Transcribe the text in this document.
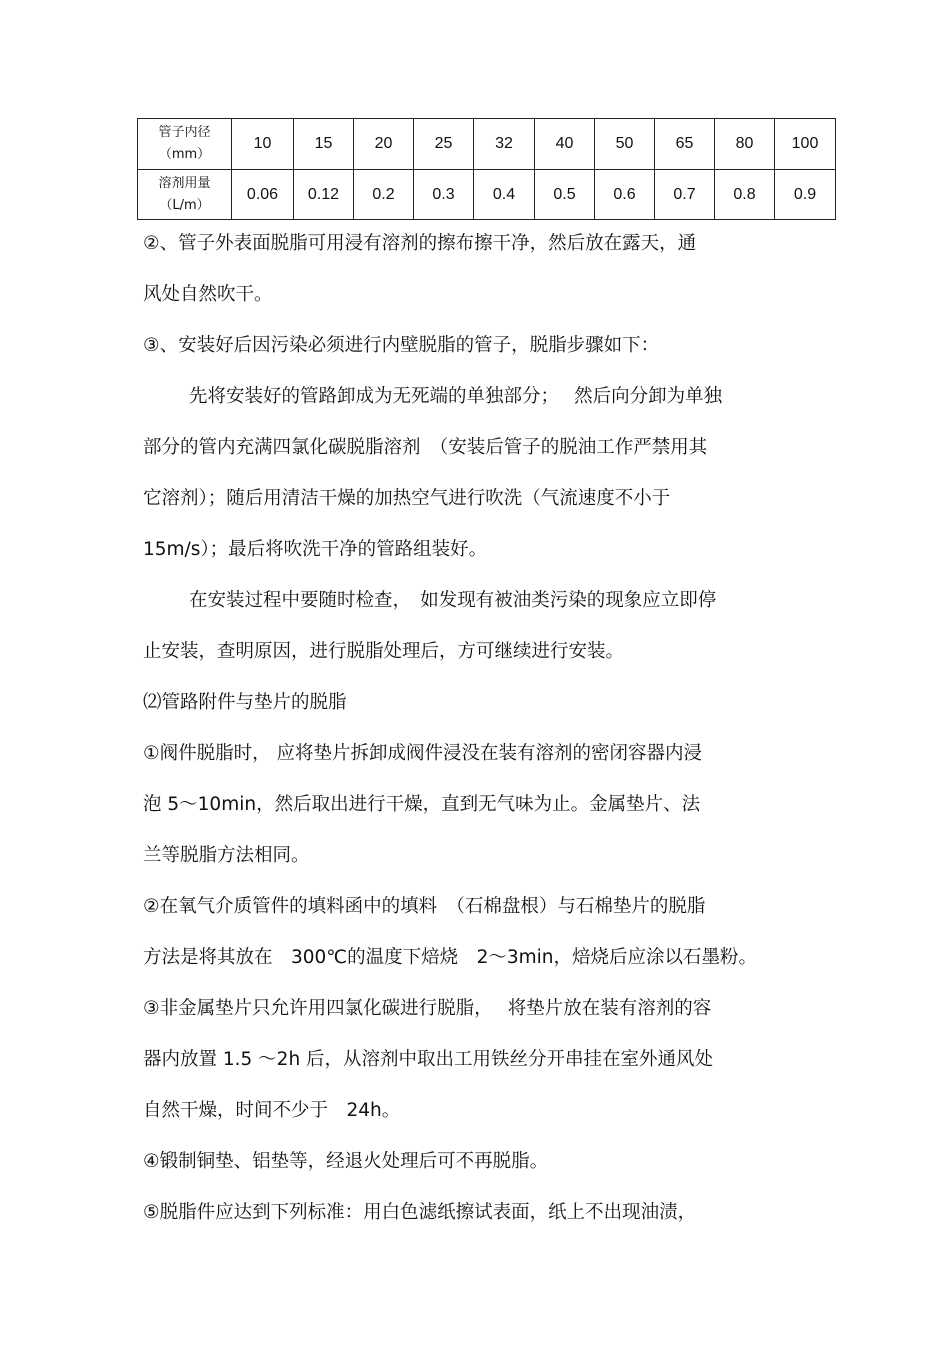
管子内径
（mm）	10	15	20	25	32	40	50	65	80	100

溶剂用量
（L/m）	0.06	0.12	0.2	0.3	0.4	0.5	0.6	0.7	0.8	0.9
②、管子外表面脱脂可用浸有溶剂的擦布擦干净，然后放在露天，通
风处自然吹干。
③、安装好后因污染必须进行内壁脱脂的管子，脱脂步骤如下：
先将安装好的管路卸成为无死端的单独部分；　 然后向分卸为单独
部分的管内充满四氯化碳脱脂溶剂　（安装后管子的脱油工作严禁用其
它溶剂）；随后用清洁干燥的加热空气进行吹洗（气流速度不小于
15m/s）；最后将吹洗干净的管路组装好。
在安装过程中要随时检查，　如发现有被油类污染的现象应立即停
止安装，查明原因，进行脱脂处理后，方可继续进行安装。
⑵管路附件与垫片的脱脂
①阀件脱脂时， 应将垫片拆卸成阀件浸没在装有溶剂的密闭容器内浸
泡 5～10min，然后取出进行干燥，直到无气味为止。金属垫片、法
兰等脱脂方法相同。
②在氧气介质管件的填料函中的填料　（石棉盘根）与石棉垫片的脱脂
方法是将其放在　300℃的温度下焙烧　2～3min，焙烧后应涂以石墨粉。
③非金属垫片只允许用四氯化碳进行脱脂，　 将垫片放在装有溶剂的容
器内放置 1.5 ～2h 后，从溶剂中取出工用铁丝分开串挂在室外通风处
自然干燥，时间不少于　24h。
④锻制铜垫、铝垫等，经退火处理后可不再脱脂。
⑤脱脂件应达到下列标准：用白色滤纸擦试表面，纸上不出现油渍，
